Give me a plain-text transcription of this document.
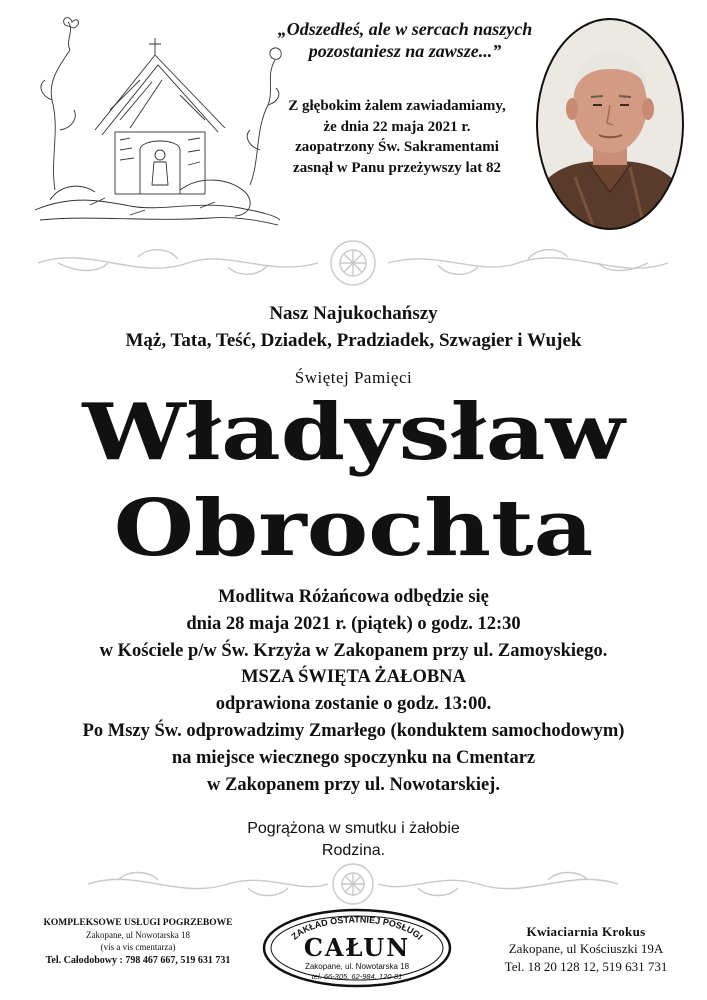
„Odszedłeś, ale w sercach naszych
pozostaniesz na zawsze...”
Z głębokim żalem zawiadamiamy,
że dnia 22 maja 2021 r.
zaopatrzony Św. Sakramentami
zasnął w Panu przeżywszy lat 82
Nasz Najukochańszy
Mąż, Tata, Teść, Dziadek, Pradziadek, Szwagier i Wujek
Świętej Pamięci
Władysław
Obrochta
Modlitwa Różańcowa odbędzie się
dnia 28 maja 2021 r. (piątek) o godz. 12:30
w Kościele p/w Św. Krzyża w Zakopanem przy ul. Zamoyskiego.
MSZA ŚWIĘTA ŻAŁOBNA
odprawiona zostanie o godz. 13:00.
Po Mszy Św. odprowadzimy Zmarłego (konduktem samochodowym)
na miejsce wiecznego spoczynku na Cmentarz
w Zakopanem przy ul. Nowotarskiej.
Pogrążona w smutku i żałobie
Rodzina.
KOMPLEKSOWE USŁUGI POGRZEBOWE
Zakopane, ul Nowotarska 18
(vis a vis cmentarza)
Tel. Całodobowy : 798 467 667, 519 631 731
ZAKŁAD OSTATNIEJ POSŁUGI
CAŁUN
Zakopane, ul. Nowotarska 18
tel. 66-305, 62-984, 120-81
Kwiaciarnia Krokus
Zakopane, ul Kościuszki 19A
Tel. 18 20 128 12, 519 631 731
